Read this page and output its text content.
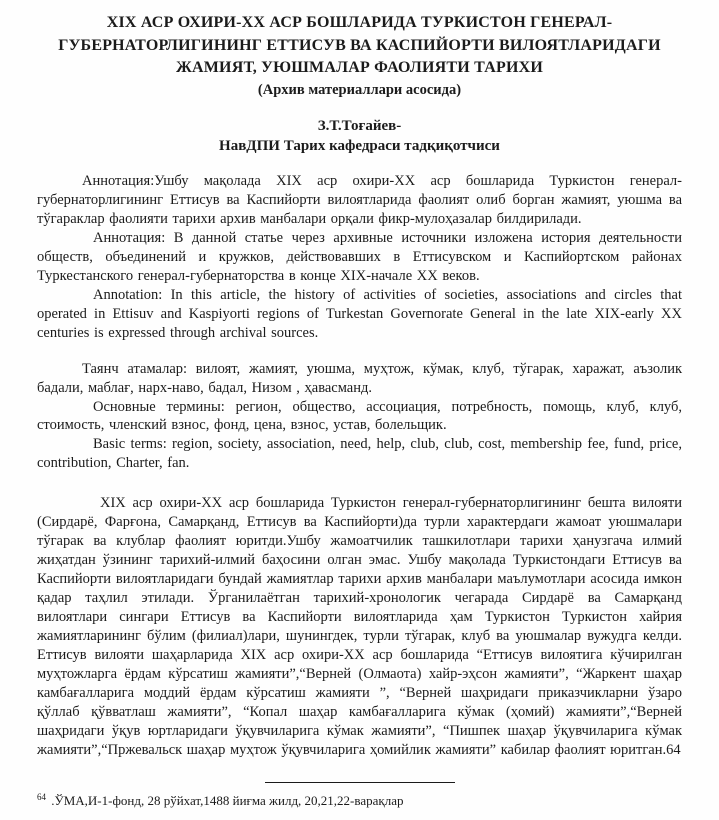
XIX АСР ОХИРИ-XX АСР БОШЛАРИДА ТУРКИСТОН ГЕНЕРАЛ-
ГУБЕРНАТОРЛИГИНИНГ ЕТТИСУВ ВА КАСПИЙОРТИ ВИЛОЯТЛАРИДАГИ
ЖАМИЯТ, УЮШМАЛАР ФАОЛИЯТИ ТАРИХИ
(Архив материаллари асосида)
З.Т.Тоғайев-
НавДПИ Тарих кафедраси тадқиқотчиси

Аннотация:Ушбу мақолада XIX аср охири-XX аср бошларида Туркистон генерал-губернаторлигининг Еттисув ва Каспийорти вилоятларида фаолият олиб борган жамият, уюшма ва тўгараклар фаолияти тарихи архив манбалари орқали фикр-мулоҳазалар билдирилади.

Аннотация: В данной статье через архивные источники изложена история деятельности обществ, объединений и кружков, действовавших в Еттисувском и Каспийортском районах Туркестанского генерал-губернаторства в конце XIX-начале XX веков.

Annotation: In this article, the history of activities of societies, associations and circles that operated in Ettisuv and Kaspiyorti regions of Turkestan Governorate General in the late XIX-early XX centuries is expressed through archival sources.

Таянч атамалар: вилоят, жамият, уюшма, муҳтож, кўмак, клуб, тўгарак, харажат, аъзолик бадали, маблағ, нарх-наво, бадал, Низом , ҳавасманд.

Основные термины: регион, общество, ассоциация, потребность, помощь, клуб, клуб, стоимость, членский взнос, фонд, цена, взнос, устав, болельщик.

Basic terms: region, society, association, need, help, club, club, cost, membership fee, fund, price, contribution, Charter, fan.

XIX аср охири-XX аср бошларида Туркистон генерал-губернаторлигининг бешта вилояти (Сирдарё, Фарғона, Самарқанд, Еттисув ва Каспийорти)да турли характердаги жамоат уюшмалари тўгарак ва клублар фаолият юритди.Ушбу жамоатчилик ташкилотлари тарихи ҳанузгача илмий жиҳатдан ўзининг тарихий-илмий баҳосини олган эмас. Ушбу мақолада Туркистондаги Еттисув ва Каспийорти вилоятларидаги бундай жамиятлар тарихи архив манбалари маълумотлари асосида имкон қадар таҳлил этилади. Ўрганилаётган тарихий-хронологик чегарада Сирдарё ва Самарқанд вилоятлари сингари Еттисув ва Каспийорти вилоятларида ҳам Туркистон Туркистон хайрия жамиятларининг бўлим (филиал)лари, шунингдек, турли тўгарак, клуб ва уюшмалар вужудга келди. Еттисув вилояти шаҳарларида XIX аср охири-XX аср бошларида “Еттисув вилоятига кўчирилган муҳтожларга ёрдам кўрсатиш жамияти”,“Верней (Олмаота) хайр-эҳсон жамияти”, “Жаркент шаҳар камбағалларига моддий ёрдам кўрсатиш жамияти ”, “Верней шаҳридаги приказчикларни ўзаро қўллаб қўвватлаш жамияти”, “Копал шаҳар камбағалларига кўмак (ҳомий) жамияти”,“Верней шаҳридаги ўқув юртларидаги ўқувчиларига кўмак жамияти”, “Пишпек шаҳар ўқувчиларига кўмак жамияти”,“Пржевальск шаҳар муҳтож ўқувчиларига ҳомийлик жамияти” кабилар фаолият юритган.64

$^{64}$ .ЎМА,И-1-фонд, 28 рўйхат,1488 йиғма жилд, 20,21,22-варақлар
